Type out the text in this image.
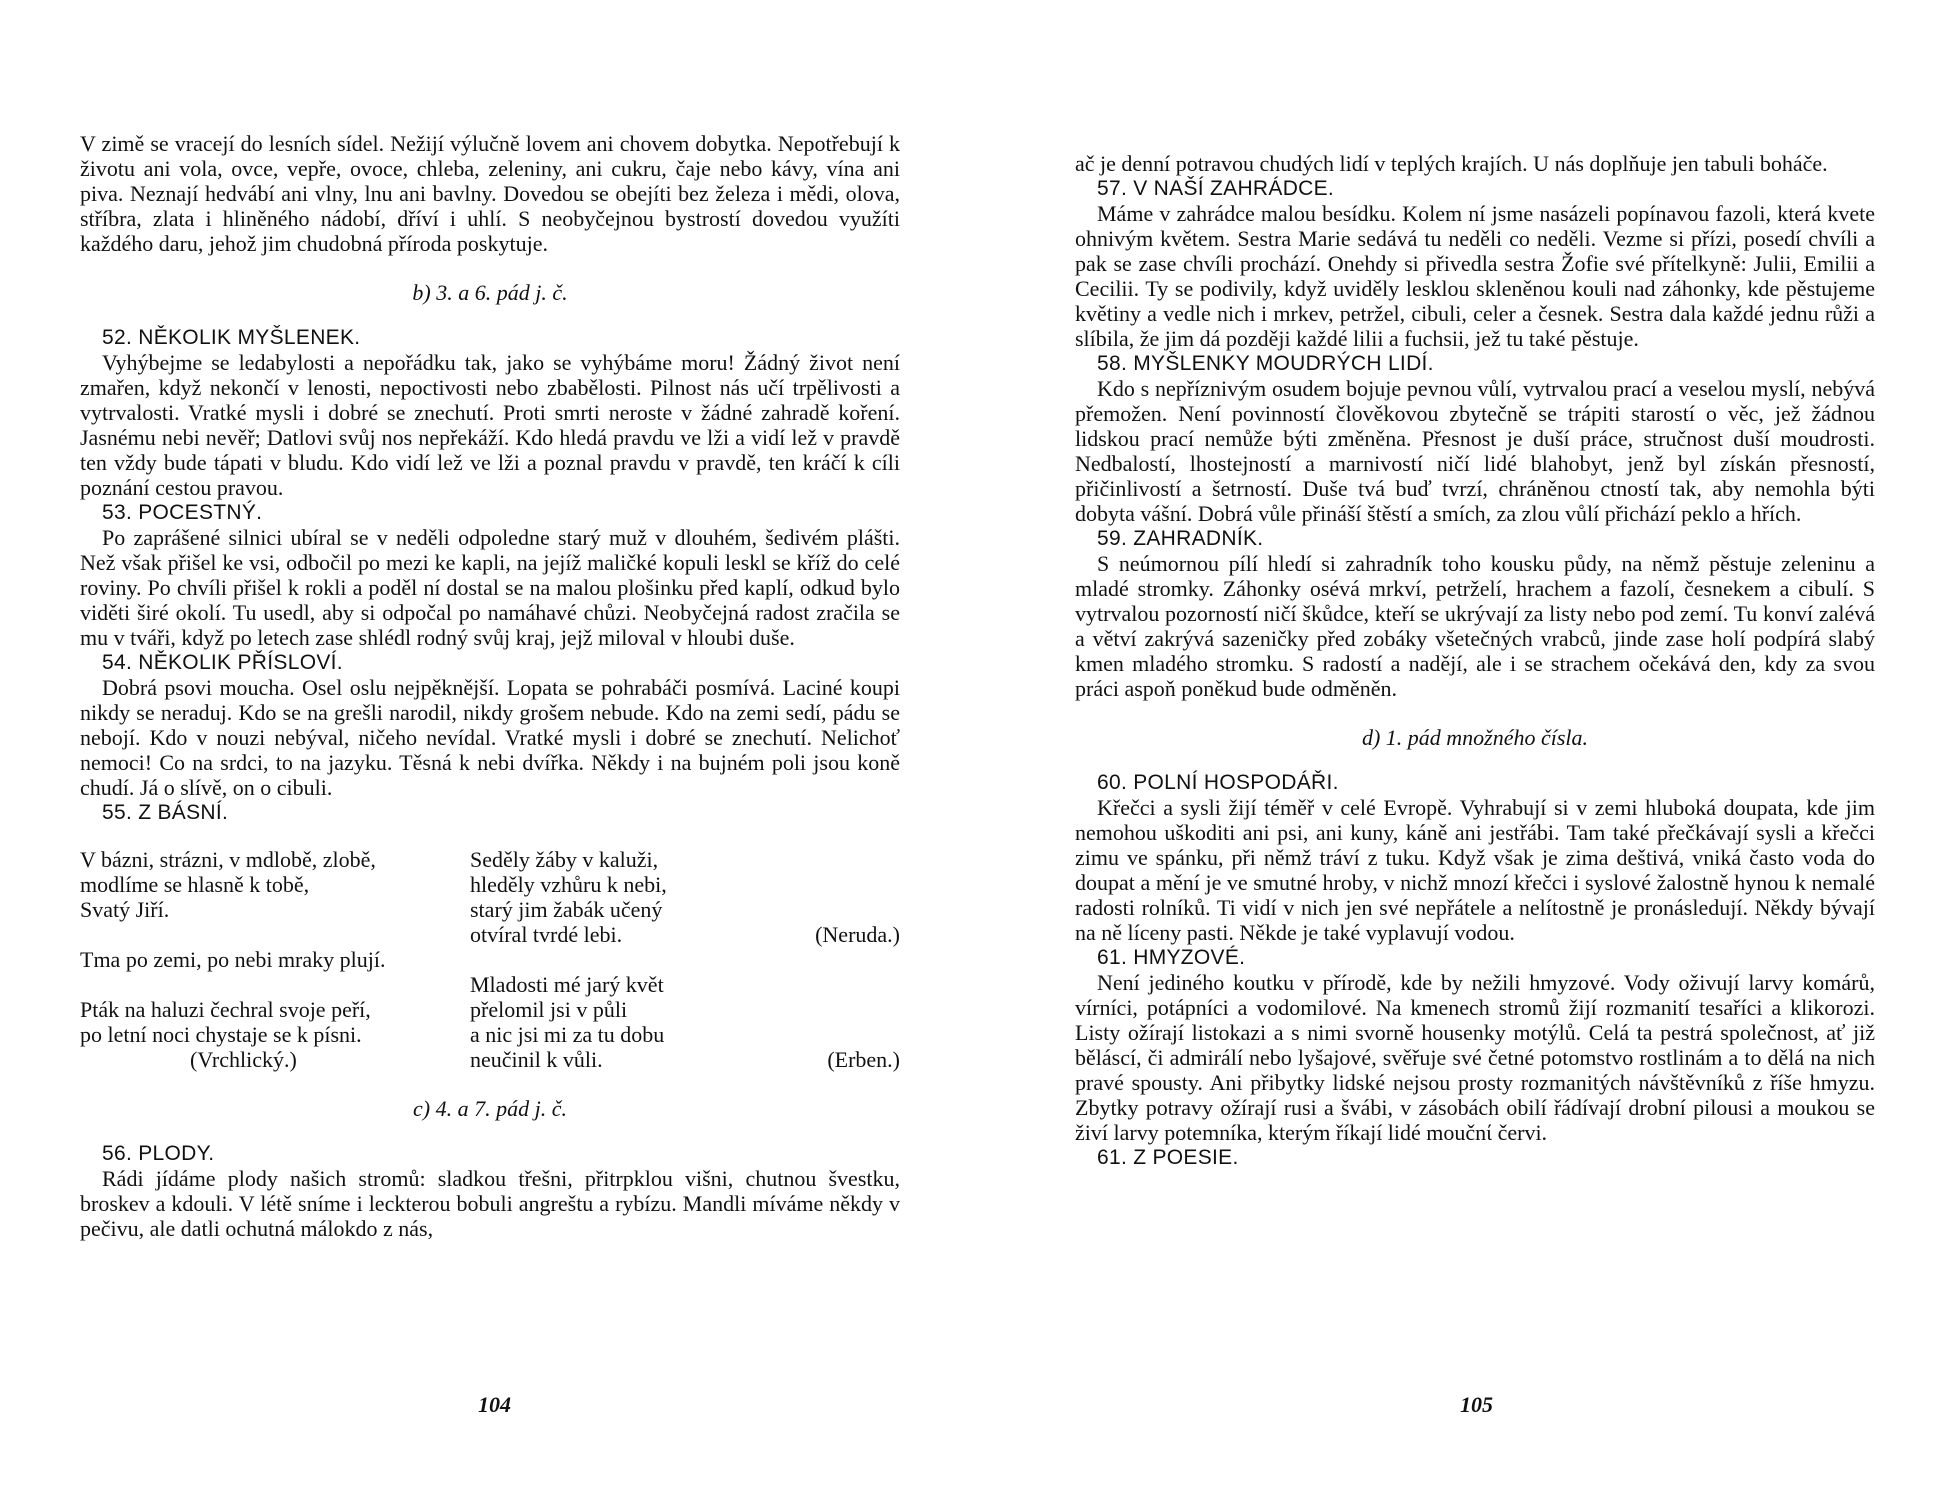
V zimě se vracejí do lesních sídel. Nežijí výlučně lovem ani chovem dobytka. Nepotřebují k životu ani vola, ovce, vepře, ovoce, chleba, zeleniny, ani cukru, čaje nebo kávy, vína ani piva. Neznají hedvábí ani vlny, lnu ani bavlny. Dovedou se obejíti bez železa i mědi, olova, stříbra, zlata i hliněného nádobí, dříví i uhlí. S neobyčejnou bystrostí dovedou využíti každého daru, jehož jim chudobná příroda poskytuje.

b) 3. a 6. pád j. č.
52. NĚKOLIK MYŠLENEK.

Vyhýbejme se ledabylosti a nepořádku tak, jako se vyhýbáme moru! Žádný život není zmařen, když nekončí v lenosti, nepoctivosti nebo zbabělosti. Pilnost nás učí trpělivosti a vytrvalosti. Vratké mysli i dobré se znechutí. Proti smrti neroste v žádné zahradě koření. Jasnému nebi nevěř; Datlovi svůj nos nepřekáží. Kdo hledá pravdu ve lži a vidí lež v pravdě ten vždy bude tápati v bludu. Kdo vidí lež ve lži a poznal pravdu v pravdě, ten kráčí k cíli poznání cestou pravou.

53. POCESTNÝ.

Po zaprášené silnici ubíral se v neděli odpoledne starý muž v dlouhém, šedivém plášti. Než však přišel ke vsi, odbočil po mezi ke kapli, na jejíž maličké kopuli leskl se kříž do celé roviny. Po chvíli přišel k rokli a poděl ní dostal se na malou plošinku před kaplí, odkud bylo viděti širé okolí. Tu usedl, aby si odpočal po namáhavé chůzi. Neobyčejná radost zračila se mu v tváři, když po letech zase shlédl rodný svůj kraj, jejž miloval v hloubi duše.

54. NĚKOLIK PŘÍSLOVÍ.

Dobrá psovi moucha. Osel oslu nejpěknější. Lopata se pohrabáči posmívá. Laciné koupi nikdy se neraduj. Kdo se na grešli narodil, nikdy grošem nebude. Kdo na zemi sedí, pádu se nebojí. Kdo v nouzi nebýval, ničeho nevídal. Vratké mysli i dobré se znechutí. Nelichoť nemoci! Co na srdci, to na jazyku. Těsná k nebi dvířka. Někdy i na bujném poli jsou koně chudí. Já o slívě, on o cibuli.

55. Z BÁSNÍ.
V bázni, strázni, v mdlobě, zlobě,
modlíme se hlasně k tobě,
Svatý Jiří.

Tma po zemi, po nebi mraky plují.

Pták na haluzi čechral svoje peří,
po letní noci chystaje se k písni.
(Vrchlický.)
Seděly žáby v kaluži,
hleděly vzhůru k nebi,
starý jim žabák učený
otvíral tvrdé lebi.

Mladosti mé jarý květ
přelomil jsi v půli
a nic jsi mi za tu dobu
neučinil k vůli.

(Neruda.)

(Erben.)
c) 4. a 7. pád j. č.
56. PLODY.

Rádi jídáme plody našich stromů: sladkou třešni, přitrpklou višni, chutnou švestku, broskev a kdouli. V létě snímе i leckterou bobuli angreštu a rybízu. Mandli míváme někdy v pečivu, ale datli ochutná málokdo z nás,

104

ač je denní potravou chudých lidí v teplých krajích. U nás doplňuje jen tabuli boháče.

57. V NAŠÍ ZAHRÁDCE.

Máme v zahrádce malou besídku. Kolem ní jsme nasázeli popínavou fazoli, která kvete ohnivým květem. Sestra Marie sedává tu neděli co neděli. Vezme si přízi, posedí chvíli a pak se zase chvíli prochází. Onehdy si přivedla sestra Žofie své přítelkyně: Julii, Emilii a Cecilii. Ty se podivily, když uviděly lesklou skleněnou kouli nad záhonky, kde pěstujeme květiny a vedle nich i mrkev, petržel, cibuli, celer a česnek. Sestra dala každé jednu růži a slíbila, že jim dá později každé lilii a fuchsii, jež tu také pěstuje.

58. MYŠLENKY MOUDRÝCH LIDÍ.

Kdo s nepříznivým osudem bojuje pevnou vůlí, vytrvalou prací a veselou myslí, nebývá přemožen. Není povinností člověkovou zbytečně se trápiti starostí o věc, jež žádnou lidskou prací nemůže býti změněna. Přesnost je duší práce, stručnost duší moudrosti. Nedbalostí, lhostejností a marnivostí ničí lidé blahobyt, jenž byl získán přesností, přičinlivostí a šetrností. Duše tvá buď tvrzí, chráněnou ctností tak, aby nemohla býti dobyta vášní. Dobrá vůle přináší štěstí a smích, za zlou vůlí přichází peklo a hřích.

59. ZAHRADNÍK.

S neúmornou pílí hledí si zahradník toho kousku půdy, na němž pěstuje zeleninu a mladé stromky. Záhonky osévá mrkví, petrželí, hrachem a fazolí, česnekem a cibulí. S vytrvalou pozorností ničí škůdce, kteří se ukrývají za listy nebo pod zemí. Tu konví zalévá a větví zakrývá sazeničky před zobáky všetečných vrabců, jinde zase holí podpírá slabý kmen mladého stromku. S radostí a nadějí, ale i se strachem očekává den, kdy za svou práci aspoň poněkud bude odměněn.

d) 1. pád množného čísla.
60. POLNÍ HOSPODÁŘI.

Křečci a sysli žijí téměř v celé Evropě. Vyhrabují si v zemi hluboká doupata, kde jim nemohou uškoditi ani psi, ani kuny, káně ani jestřábi. Tam také přečkávají sysli a křečci zimu ve spánku, při němž tráví z tuku. Když však je zima deštivá, vniká často voda do doupat a mění je ve smutné hroby, v nichž mnozí křečci i syslové žalostně hynou k nemalé radosti rolníků. Ti vidí v nich jen své nepřátele a nelítostně je pronásledují. Někdy bývají na ně líceny pasti. Někde je také vyplavují vodou.

61. HMYZOVÉ.

Není jediného koutku v přírodě, kde by nežili hmyzové. Vody oživují larvy komárů, vírníci, potápníci a vodomilové. Na kmenech stromů žijí rozmanití tesaříci a klikorozi. Listy ožírají listokazi a s nimi svorně housenky motýlů. Celá ta pestrá společnost, ať již běláscí, či admirálí nebo lyšajové, svěřuje své četné potomstvo rostlinám a to dělá na nich pravé spousty. Ani přibytky lidské nejsou prosty rozmanitých návštěvníků z říše hmyzu. Zbytky potravy ožírají rusi a švábi, v zásobách obilí řádívají drobní pilousi a moukou se živí larvy potemníka, kterým říkají lidé moučnί červi.

61. Z POESIE.
105
